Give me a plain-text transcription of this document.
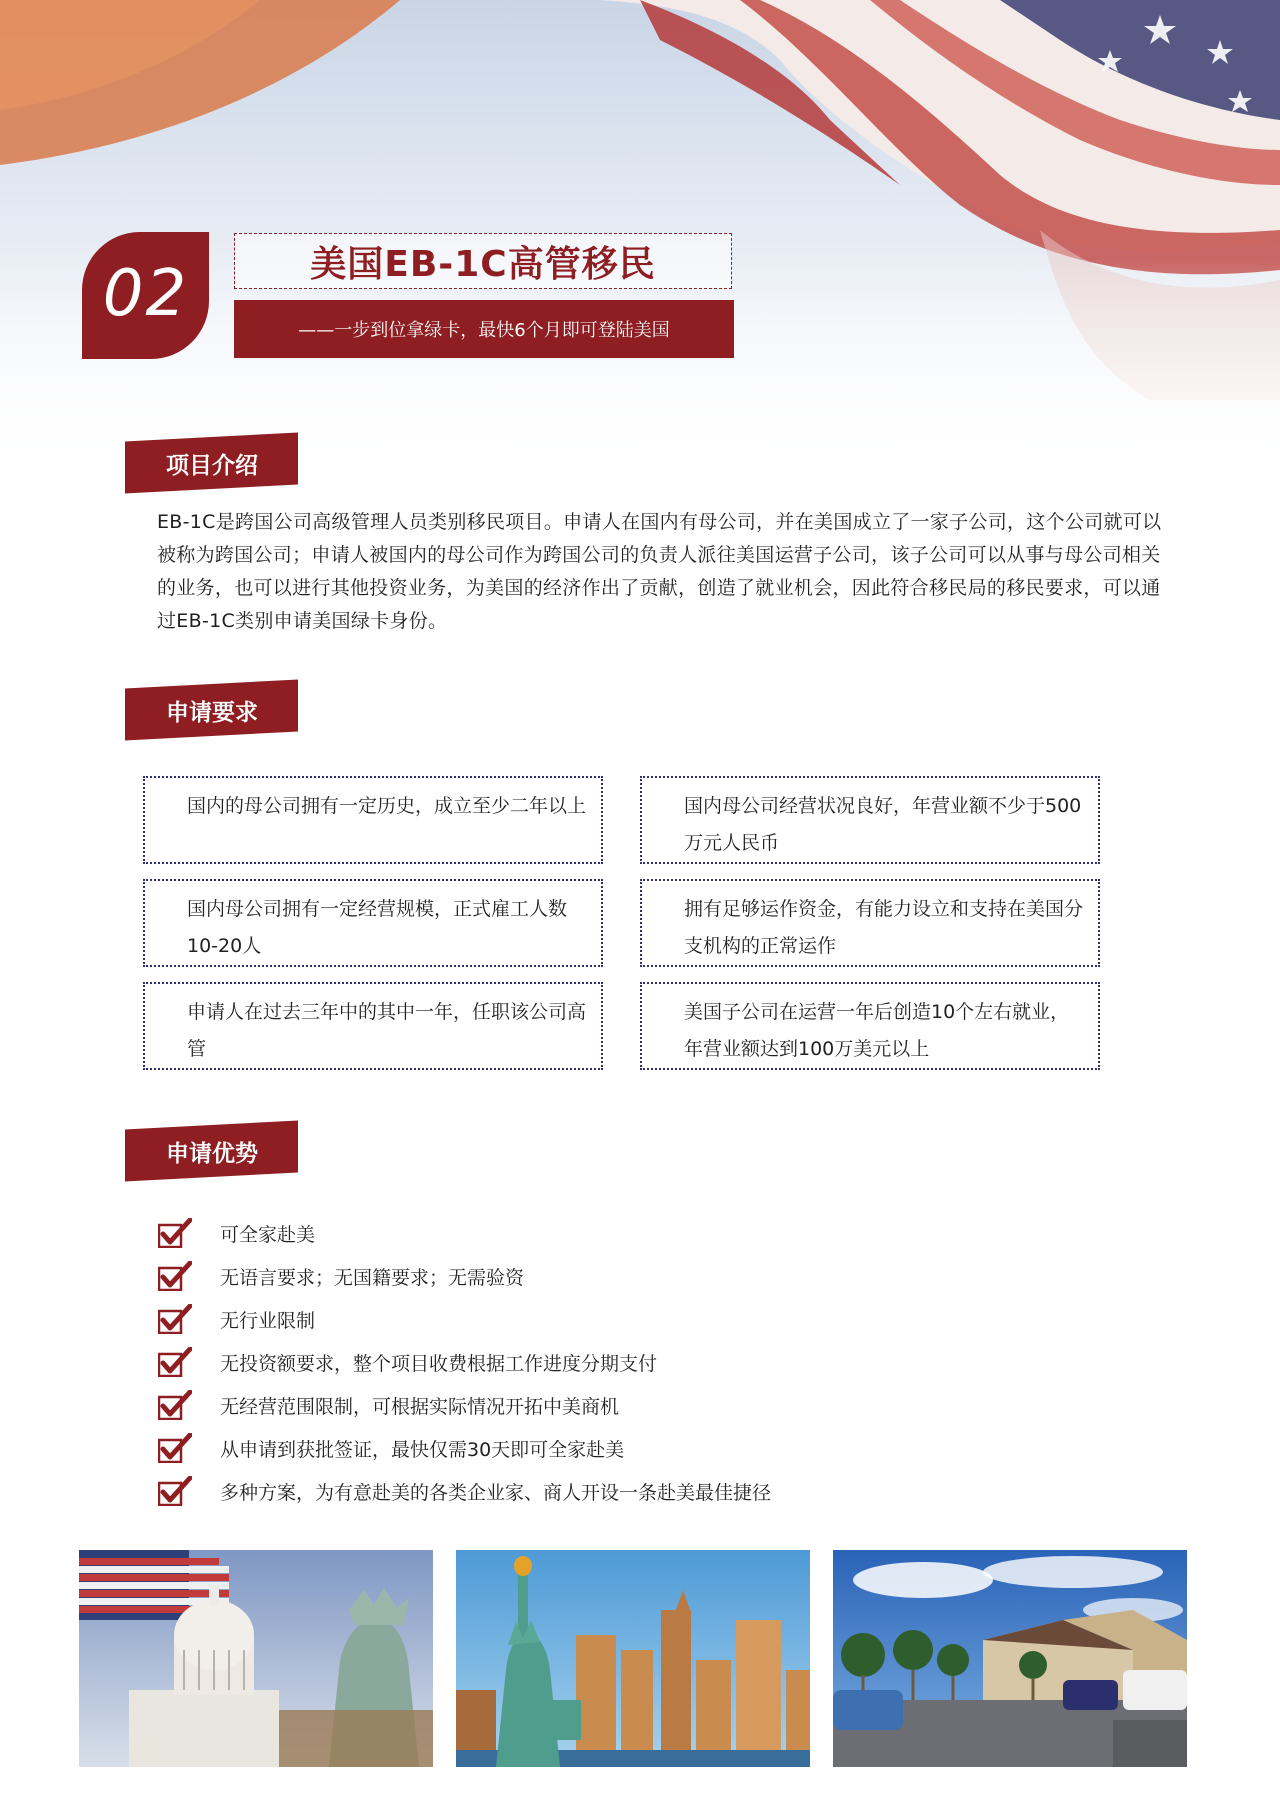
02	美国EB-1C高管移民
——一步到位拿绿卡，最快6个月即可登陆美国
项目介绍

EB-1C是跨国公司高级管理人员类别移民项目。申请人在国内有母公司，并在美国成立了一家子公司，这个公司就可以被称为跨国公司；申请人被国内的母公司作为跨国公司的负责人派往美国运营子公司，该子公司可以从事与母公司相关的业务，也可以进行其他投资业务，为美国的经济作出了贡献，创造了就业机会，因此符合移民局的移民要求，可以通过EB-1C类别申请美国绿卡身份。

申请要求
国内的母公司拥有一定历史，成立至少二年以上	国内母公司经营状况良好，年营业额不少于500万元人民币
国内母公司拥有一定经营规模，正式雇工人数10-20人
拥有足够运作资金，有能力设立和支持在美国分支机构的正常运作
申请人在过去三年中的其中一年，任职该公司高管
美国子公司在运营一年后创造10个左右就业，年营业额达到100万美元以上
申请优势
可全家赴美
无语言要求；无国籍要求；无需验资
无行业限制
无投资额要求，整个项目收费根据工作进度分期支付
无经营范围限制，可根据实际情况开拓中美商机
从申请到获批签证，最快仅需30天即可全家赴美
多种方案，为有意赴美的各类企业家、商人开设一条赴美最佳捷径
